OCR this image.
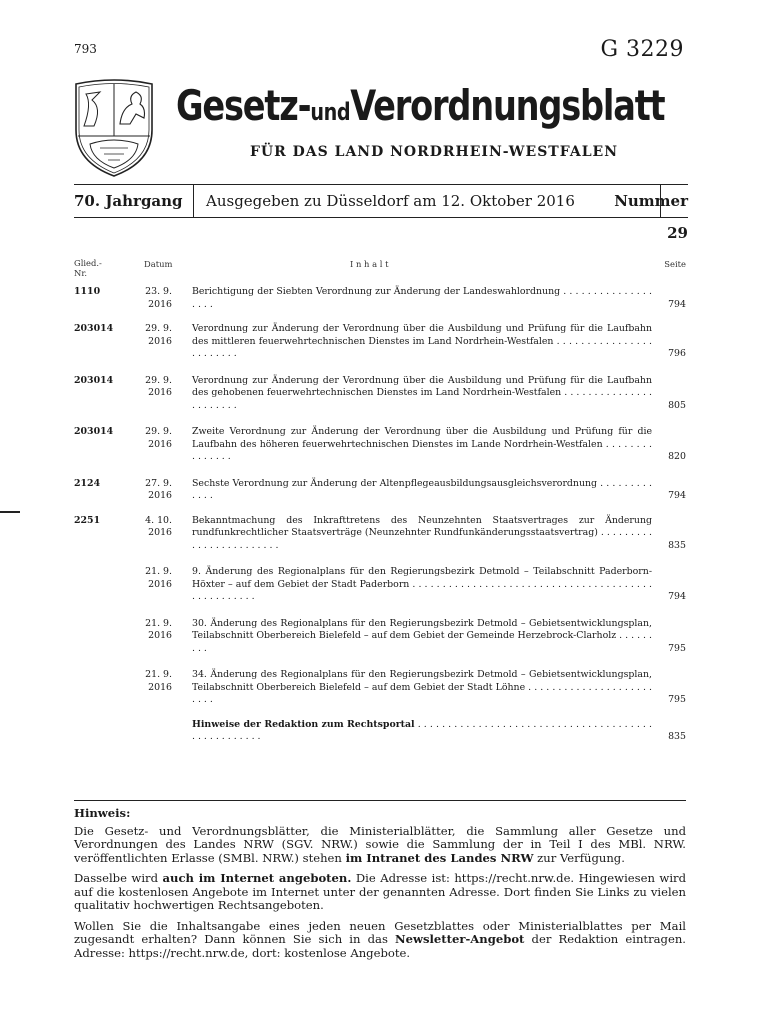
793	G 3229
Gesetz-undVerordnungsblatt
FÜR DAS LAND NORDRHEIN-WESTFALEN
70. Jahrgang	Ausgegeben zu Düsseldorf am 12. Oktober 2016	Nummer 29
Glied.-
Nr.
Datum	I n h a l t	Seite
1110	23. 9. 2016
Berichtigung der Siebten Verordnung zur Änderung der Landeswahlordnung . . . . . . . . . . . . . . . . . . .	794
203014	29. 9. 2016
Verordnung zur Änderung der Verordnung über die Ausbildung und Prüfung für die Laufbahn des mittleren feuerwehrtechnischen Dienstes im Land Nordrhein-Westfalen . . . . . . . . . . . . . . . . . . . . . . . .	796
203014	29. 9. 2016
Verordnung zur Änderung der Verordnung über die Ausbildung und Prüfung für die Laufbahn des gehobenen feuerwehrtechnischen Dienstes im Land Nordrhein-Westfalen . . . . . . . . . . . . . . . . . . . . . . .	805
203014	29. 9. 2016
Zweite Verordnung zur Änderung der Verordnung über die Ausbildung und Prüfung für die Laufbahn des höheren feuerwehrtechnischen Dienstes im Lande Nordrhein-Westfalen . . . . . . . . . . . . . . .	820
2124	27. 9. 2016
Sechste Verordnung zur Änderung der Altenpflegeausbildungsausgleichsverordnung . . . . . . . . . . . . .	794
2251	4. 10. 2016
Bekanntmachung des Inkrafttretens des Neunzehnten Staatsvertrages zur Änderung rundfunkrechtlicher Staatsverträge (Neunzehnter Rundfunkänderungsstaatsvertrag) . . . . . . . . . . . . . . . . . . . . . . . .	835
21. 9. 2016
9. Änderung des Regionalplans für den Regierungsbezirk Detmold – Teilabschnitt Paderborn-Höxter – auf dem Gebiet der Stadt Paderborn . . . . . . . . . . . . . . . . . . . . . . . . . . . . . . . . . . . . . . . . . . . . . . . . . . .	794
21. 9. 2016
30. Änderung des Regionalplans für den Regierungsbezirk Detmold – Gebietsentwicklungsplan, Teilabschnitt Oberbereich Bielefeld – auf dem Gebiet der Gemeinde Herzebrock-Clarholz . . . . . . . . .	795
21. 9. 2016
34. Änderung des Regionalplans für den Regierungsbezirk Detmold – Gebietsentwicklungsplan, Teilabschnitt Oberbereich Bielefeld – auf dem Gebiet der Stadt Löhne . . . . . . . . . . . . . . . . . . . . . . . . .	795
Hinweise der Redaktion zum Rechtsportal . . . . . . . . . . . . . . . . . . . . . . . . . . . . . . . . . . . . . . . . . . . . . . . . . . .	835

Hinweis:

Die Gesetz- und Verordnungsblätter, die Ministerialblätter, die Sammlung aller Gesetze und Verordnungen des Landes NRW (SGV. NRW.) sowie die Sammlung der in Teil I des MBl. NRW. veröffentlichten Erlasse (SMBl. NRW.) stehen im Intranet des Landes NRW zur Verfügung.

Dasselbe wird auch im Internet angeboten. Die Adresse ist: https://recht.nrw.de. Hingewiesen wird auf die kostenlosen Angebote im Internet unter der genannten Adresse. Dort finden Sie Links zu vielen qualitativ hochwertigen Rechtsangeboten.

Wollen Sie die Inhaltsangabe eines jeden neuen Gesetzblattes oder Ministerialblattes per Mail zugesandt erhalten? Dann können Sie sich in das Newsletter-Angebot der Redaktion eintragen. Adresse: https://recht.nrw.de, dort: kostenlose Angebote.
